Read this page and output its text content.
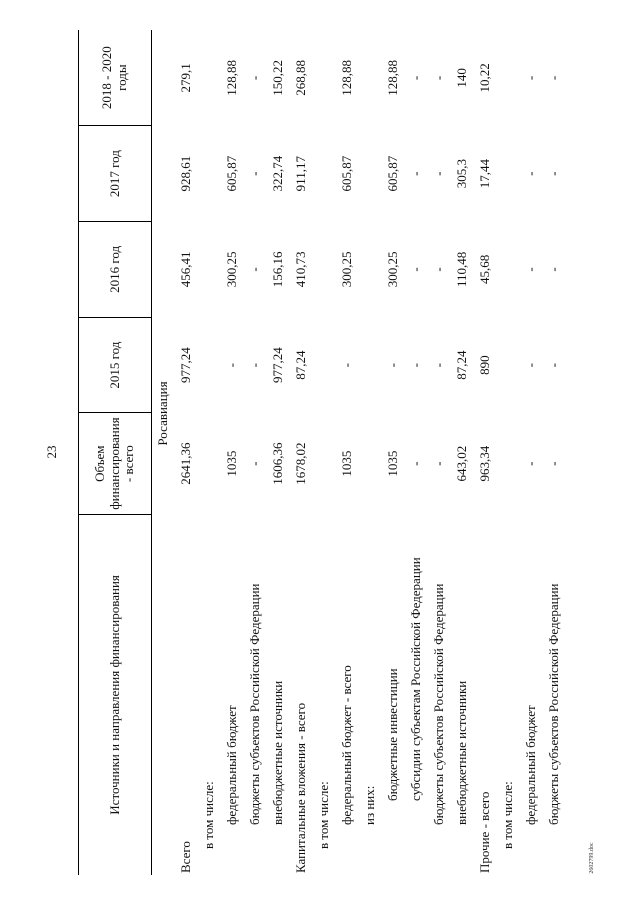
23
2602799.doc
Источники и направления финансирования	Объем финансирования - всего	2015 год	2016 год	2017 год	2018 - 2020 годы
Росавиация					
Всего	2641,36	977,24	456,41	928,61	279,1
в том числе:					
федеральный бюджет	1035	-	300,25	605,87	128,88
бюджеты субъектов Российской Федерации	-	-	-	-	-
внебюджетные источники	1606,36	977,24	156,16	322,74	150,22
Капитальные вложения - всего	1678,02	87,24	410,73	911,17	268,88
в том числе:					
федеральный бюджет - всего	1035	-	300,25	605,87	128,88
из них:					
бюджетные инвестиции	1035	-	300,25	605,87	128,88
субсидии субъектам Российской Федерации	-	-	-	-	-
бюджеты субъектов Российской Федерации	-	-	-	-	-
внебюджетные источники	643,02	87,24	110,48	305,3	140
Прочие - всего	963,34	890	45,68	17,44	10,22
в том числе:					
федеральный бюджет	-	-	-	-	-
бюджеты субъектов Российской Федерации	-	-	-	-	-
